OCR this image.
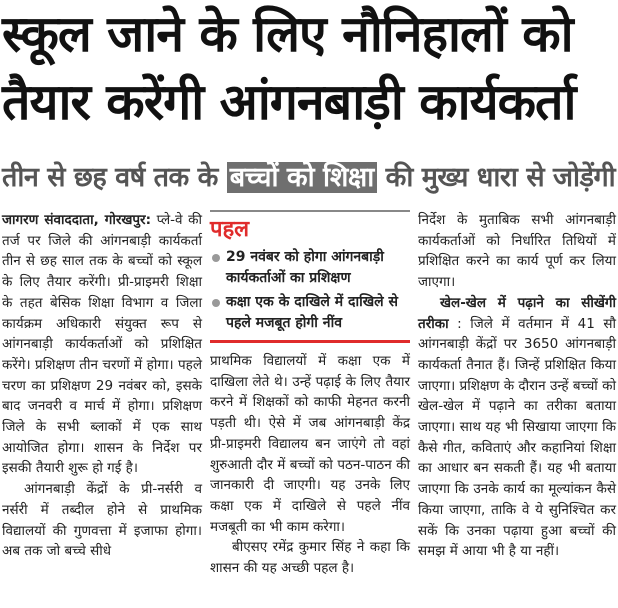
स्कूल जाने के लिए नौनिहालों को
तैयार करेंगी आंगनबाड़ी कार्यकर्ता
तीन से छह वर्ष तक के बच्चों को शिक्षा की मुख्य धारा से जोड़ेंगी

जागरण संवाददाता, गोरखपुर: प्ले-वे की तर्ज पर जिले की आंगनबाड़ी कार्यकर्ता तीन से छह साल तक के बच्चों को स्कूल के लिए तैयार करेंगी। प्री-प्राइमरी शिक्षा के तहत बेसिक शिक्षा विभाग व जिला कार्यक्रम अधिकारी संयुक्त रूप से आंगनबाड़ी कार्यकर्ताओं को प्रशिक्षित करेंगे। प्रशिक्षण तीन चरणों में होगा। पहले चरण का प्रशिक्षण 29 नवंबर को, इसके बाद जनवरी व मार्च में होगा। प्रशिक्षण जिले के सभी ब्लाकों में एक साथ आयोजित होगा। शासन के निर्देश पर इसकी तैयारी शुरू हो गई है।

आंगनबाड़ी केंद्रों के प्री-नर्सरी व नर्सरी में तब्दील होने से प्राथमिक विद्यालयों की गुणवत्ता में इजाफा होगा। अब तक जो बच्चे सीधे

पहल
29 नवंबर को होगा आंगनबाड़ी कार्यकर्ताओं का प्रशिक्षण
कक्षा एक के दाखिले में दाखिले से पहले मजबूत होगी नींव

प्राथमिक विद्यालयों में कक्षा एक में दाखिला लेते थे। उन्हें पढ़ाई के लिए तैयार करने में शिक्षकों को काफी मेहनत करनी पड़ती थी। ऐसे में जब आंगनबाड़ी केंद्र प्री-प्राइमरी विद्यालय बन जाएंगे तो वहां शुरुआती दौर में बच्चों को पठन-पाठन की जानकारी दी जाएगी। यह उनके लिए कक्षा एक में दाखिले से पहले नींव मजबूती का भी काम करेगा।

बीएसए रमेंद्र कुमार सिंह ने कहा कि शासन की यह अच्छी पहल है।

निर्देश के मुताबिक सभी आंगनबाड़ी कार्यकर्ताओं को निर्धारित तिथियों में प्रशिक्षित करने का कार्य पूर्ण कर लिया जाएगा।

खेल-खेल में पढ़ाने का सीखेंगी तरीका : जिले में वर्तमान में 41 सौ आंगनबाड़ी केंद्रों पर 3650 आंगनबाड़ी कार्यकर्ता तैनात हैं। जिन्हें प्रशिक्षित किया जाएगा। प्रशिक्षण के दौरान उन्हें बच्चों को खेल-खेल में पढ़ाने का तरीका बताया जाएगा। साथ यह भी सिखाया जाएगा कि कैसे गीत, कविताएं और कहानियां शिक्षा का आधार बन सकती हैं। यह भी बताया जाएगा कि उनके कार्य का मूल्यांकन कैसे किया जाएगा, ताकि वे ये सुनिश्चित कर सकें कि उनका पढ़ाया हुआ बच्चों की समझ में आया भी है या नहीं।
